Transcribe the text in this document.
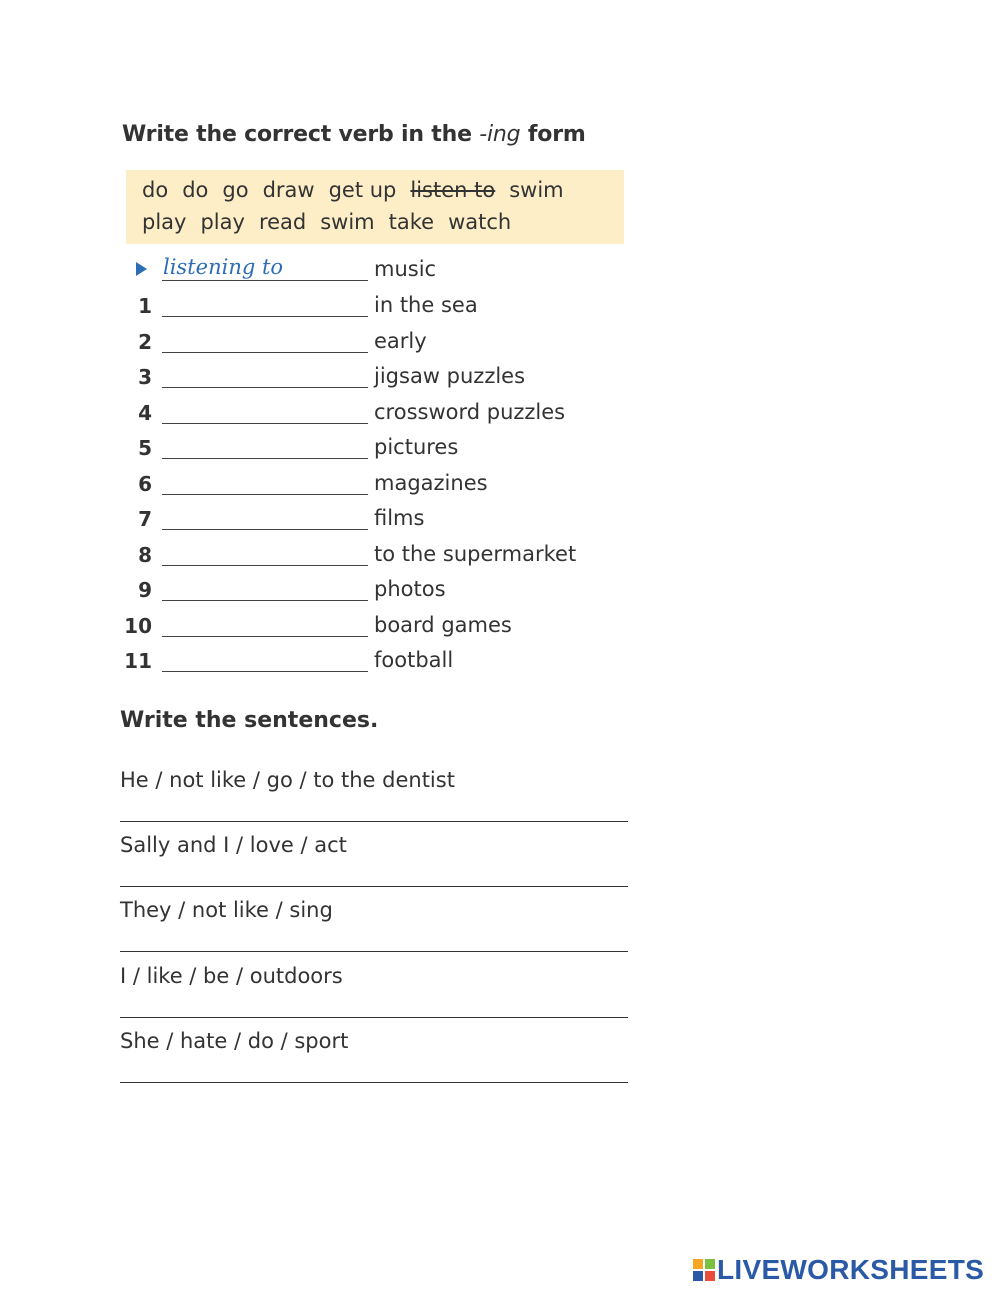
Write the correct verb in the -ing form
do do go draw get up listen to swim
play play read swim take watch
listening to	music
1	in the sea
2	early
3	jigsaw puzzles
4	crossword puzzles
5	pictures
6	magazines
7	films
8	to the supermarket
9	photos
10	board games
11	football
Write the sentences.
He / not like / go / to the dentist
Sally and I / love / act
They / not like / sing
I / like / be / outdoors
She / hate / do / sport
LIVEWORKSHEETS
